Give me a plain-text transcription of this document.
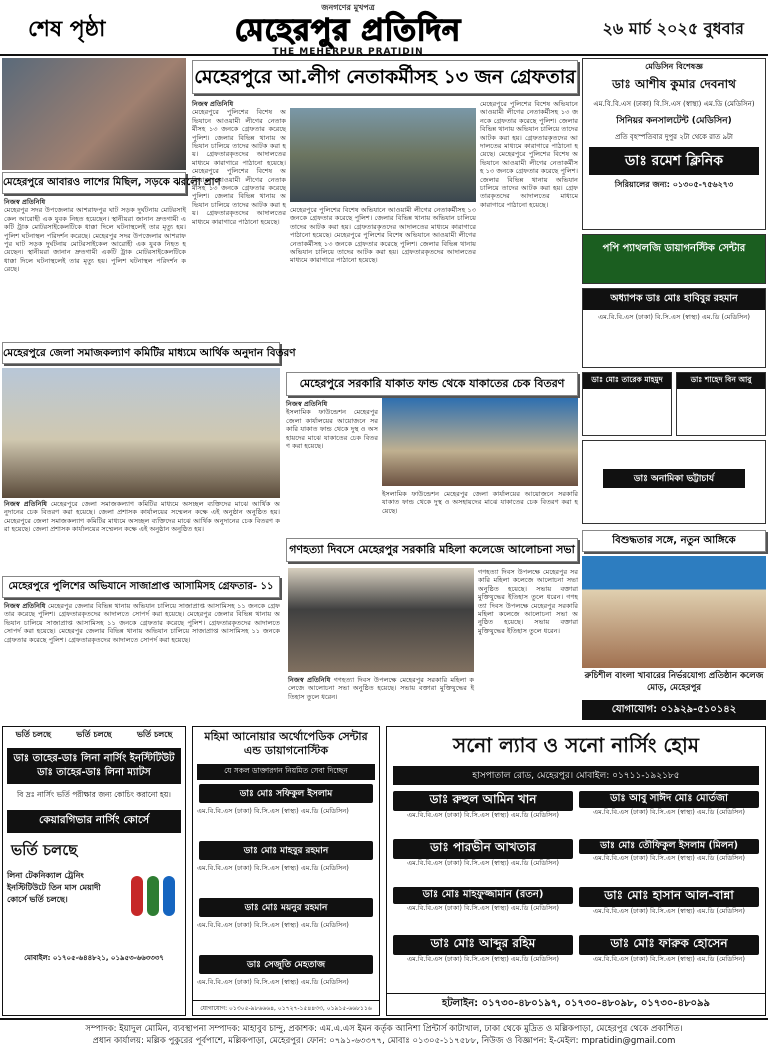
শেষ পৃষ্ঠা
জনগণের মুখপত্র
মেহেরপুর প্রতিদিন
THE MEHERPUR PRATIDIN
২৬ মার্চ ২০২৫ বুধবার
মেহেরপুরে আবারও লাশের মিছিল, সড়কে ঝরলো প্রাণ
নিজস্ব প্রতিনিধি
মেহেরপুর সদর উপজেলার আশরাফপুর ঘাট সড়ক দুর্ঘটনায় মোটরসাইকেল আরোহী এক যুবক নিহত হয়েছেন। স্থানীয়রা জানান দ্রুতগামী একটি ট্রাক মোটরসাইকেলটিকে ধাক্কা দিলে ঘটনাস্থলেই তার মৃত্যু হয়। পুলিশ ঘটনাস্থল পরিদর্শন করেছে। মেহেরপুর সদর উপজেলার আশরাফপুর ঘাট সড়ক দুর্ঘটনায় মোটরসাইকেল আরোহী এক যুবক নিহত হয়েছেন। স্থানীয়রা জানান দ্রুতগামী একটি ট্রাক মোটরসাইকেলটিকে ধাক্কা দিলে ঘটনাস্থলেই তার মৃত্যু হয়। পুলিশ ঘটনাস্থল পরিদর্শন করেছে।
মেহেরপুরে আ.লীগ নেতাকর্মীসহ ১৩ জন গ্রেফতার
নিজস্ব প্রতিনিধি
মেহেরপুরে পুলিশের বিশেষ অভিযানে আওয়ামী লীগের নেতাকর্মীসহ ১৩ জনকে গ্রেফতার করেছে পুলিশ। জেলার বিভিন্ন থানায় অভিযান চালিয়ে তাদের আটক করা হয়। গ্রেফতারকৃতদের আদালতের মাধ্যমে কারাগারে পাঠানো হয়েছে। মেহেরপুরে পুলিশের বিশেষ অভিযানে আওয়ামী লীগের নেতাকর্মীসহ ১৩ জনকে গ্রেফতার করেছে পুলিশ। জেলার বিভিন্ন থানায় অভিযান চালিয়ে তাদের আটক করা হয়। গ্রেফতারকৃতদের আদালতের মাধ্যমে কারাগারে পাঠানো হয়েছে।
মেহেরপুরে পুলিশের বিশেষ অভিযানে আওয়ামী লীগের নেতাকর্মীসহ ১৩ জনকে গ্রেফতার করেছে পুলিশ। জেলার বিভিন্ন থানায় অভিযান চালিয়ে তাদের আটক করা হয়। গ্রেফতারকৃতদের আদালতের মাধ্যমে কারাগারে পাঠানো হয়েছে। মেহেরপুরে পুলিশের বিশেষ অভিযানে আওয়ামী লীগের নেতাকর্মীসহ ১৩ জনকে গ্রেফতার করেছে পুলিশ। জেলার বিভিন্ন থানায় অভিযান চালিয়ে তাদের আটক করা হয়। গ্রেফতারকৃতদের আদালতের মাধ্যমে কারাগারে পাঠানো হয়েছে।
মেহেরপুরে পুলিশের বিশেষ অভিযানে আওয়ামী লীগের নেতাকর্মীসহ ১৩ জনকে গ্রেফতার করেছে পুলিশ। জেলার বিভিন্ন থানায় অভিযান চালিয়ে তাদের আটক করা হয়। গ্রেফতারকৃতদের আদালতের মাধ্যমে কারাগারে পাঠানো হয়েছে। মেহেরপুরে পুলিশের বিশেষ অভিযানে আওয়ামী লীগের নেতাকর্মীসহ ১৩ জনকে গ্রেফতার করেছে পুলিশ। জেলার বিভিন্ন থানায় অভিযান চালিয়ে তাদের আটক করা হয়। গ্রেফতারকৃতদের আদালতের মাধ্যমে কারাগারে পাঠানো হয়েছে।
মেহেরপুরে জেলা সমাজকল্যাণ কমিটির মাধ্যমে আর্থিক অনুদান বিতরণ
নিজস্ব প্রতিনিধি মেহেরপুরে জেলা সমাজকল্যাণ কমিটির মাধ্যমে অসচ্ছল ব্যক্তিদের মাঝে আর্থিক অনুদানের চেক বিতরণ করা হয়েছে। জেলা প্রশাসক কার্যালয়ের সম্মেলন কক্ষে এই অনুষ্ঠান অনুষ্ঠিত হয়। মেহেরপুরে জেলা সমাজকল্যাণ কমিটির মাধ্যমে অসচ্ছল ব্যক্তিদের মাঝে আর্থিক অনুদানের চেক বিতরণ করা হয়েছে। জেলা প্রশাসক কার্যালয়ের সম্মেলন কক্ষে এই অনুষ্ঠান অনুষ্ঠিত হয়।
মেহেরপুরে সরকারি যাকাত ফান্ড থেকে যাকাতের চেক বিতরণ
নিজস্ব প্রতিনিধি
ইসলামিক ফাউন্ডেশন মেহেরপুর জেলা কার্যালয়ের আয়োজনে সরকারি যাকাত ফান্ড থেকে দুস্থ ও অসহায়দের মাঝে যাকাতের চেক বিতরণ করা হয়েছে।
ইসলামিক ফাউন্ডেশন মেহেরপুর জেলা কার্যালয়ের আয়োজনে সরকারি যাকাত ফান্ড থেকে দুস্থ ও অসহায়দের মাঝে যাকাতের চেক বিতরণ করা হয়েছে।
গণহত্যা দিবসে মেহেরপুর সরকারি মহিলা কলেজে আলোচনা সভা
গণহত্যা দিবস উপলক্ষে মেহেরপুর সরকারি মহিলা কলেজে আলোচনা সভা অনুষ্ঠিত হয়েছে। সভায় বক্তারা মুক্তিযুদ্ধের ইতিহাস তুলে ধরেন। গণহত্যা দিবস উপলক্ষে মেহেরপুর সরকারি মহিলা কলেজে আলোচনা সভা অনুষ্ঠিত হয়েছে। সভায় বক্তারা মুক্তিযুদ্ধের ইতিহাস তুলে ধরেন।
নিজস্ব প্রতিনিধি গণহত্যা দিবস উপলক্ষে মেহেরপুর সরকারি মহিলা কলেজে আলোচনা সভা অনুষ্ঠিত হয়েছে। সভায় বক্তারা মুক্তিযুদ্ধের ইতিহাস তুলে ধরেন।
মেহেরপুরে পুলিশের অভিযানে সাজাপ্রাপ্ত আসামিসহ গ্রেফতার- ১১
নিজস্ব প্রতিনিধি মেহেরপুর জেলার বিভিন্ন থানায় অভিযান চালিয়ে সাজাপ্রাপ্ত আসামিসহ ১১ জনকে গ্রেফতার করেছে পুলিশ। গ্রেফতারকৃতদের আদালতে সোপর্দ করা হয়েছে। মেহেরপুর জেলার বিভিন্ন থানায় অভিযান চালিয়ে সাজাপ্রাপ্ত আসামিসহ ১১ জনকে গ্রেফতার করেছে পুলিশ। গ্রেফতারকৃতদের আদালতে সোপর্দ করা হয়েছে। মেহেরপুর জেলার বিভিন্ন থানায় অভিযান চালিয়ে সাজাপ্রাপ্ত আসামিসহ ১১ জনকে গ্রেফতার করেছে পুলিশ। গ্রেফতারকৃতদের আদালতে সোপর্দ করা হয়েছে।
মেডিসিন বিশেষজ্ঞ
ডাঃ আশীষ কুমার দেবনাথ
এম.বি.বি.এস (ঢাকা) বি.সি.এস (স্বাস্থ্য) এম.ডি (মেডিসিন)
সিনিয়র কনসালটেন্ট (মেডিসিন)
প্রতি বৃহস্পতিবার দুপুর ২টা থেকে রাত ৯টা
ডাঃ রমেশ ক্লিনিক
সিরিয়ালের জন্য: ০১৩০৫-৭৫৬২৭৩
পপি প্যাথলজি ডায়াগনস্টিক সেন্টার
অধ্যাপক ডাঃ মোঃ হাবিবুর রহমান
এম.বি.বি.এস (ঢাকা) বি.সি.এস (স্বাস্থ্য) এম.ডি (মেডিসিন)
ডাঃ মোঃ তারেক মাহমুদ	ডাঃ শাহেদ বিন আবু
ডাঃ অনামিকা ভট্টাচার্য
বিশুদ্ধতার সঙ্গে, নতুন আঙ্গিকে
রুচিশীল বাংলা খাবারের নির্ভরযোগ্য প্রতিষ্ঠান কলেজ মোড়, মেহেরপুর
যোগাযোগ: ০১৯২৯-৫১০১৪২
ভর্তি চলছে	ভর্তি চলছে	ভর্তি চলছে
ডাঃ তাহের-ডাঃ লিনা নার্সিং ইনস্টিটিউট
ডাঃ তাহের-ডাঃ লিনা ম্যাটস
বি দ্রঃ নার্সিং ভর্তি পরীক্ষার জন্য কোচিং করানো হয়।
কেয়ারগিভার নার্সিং কোর্সে
ভর্তি চলছে
লিনা টেকনিক্যাল ট্রেনিং ইনস্টিটিউটে তিন মাস মেয়াদী কোর্সে ভর্তি চলছে।
মোবাইল: ০১৭০৫-৬৪৪৮২১, ০১৯৫৩-৬৬৩৩৩৭
মহিমা আনোয়ার অর্থোপেডিক সেন্টার এন্ড ডায়াগনোস্টিক
যে সকল ডাক্তারগন নিয়মিত সেবা দিচ্ছেন
ডাঃ মোঃ সফিকুল ইসলাম
এম.বি.বি.এস (ঢাকা) বি.সি.এস (স্বাস্থ্য) এম.ডি (মেডিসিন)
ডাঃ মোঃ মাহবুর রহমান
এম.বি.বি.এস (ঢাকা) বি.সি.এস (স্বাস্থ্য) এম.ডি (মেডিসিন)
ডাঃ মোঃ ময়নুর রহমান
এম.বি.বি.এস (ঢাকা) বি.সি.এস (স্বাস্থ্য) এম.ডি (মেডিসিন)
ডাঃ সেজুতি মেহতাজ
এম.বি.বি.এস (ঢাকা) বি.সি.এস (স্বাস্থ্য) এম.ডি (মেডিসিন)
যোগাযোগ: ০১৩০৫-৯৮৬৬৬৪, ০১৭২৭-১৫৪৪৩৩, ০১৯১৫-৬৬৮১১৬
সনো ল্যাব ও সনো নার্সিং হোম
হাসপাতাল রোড, মেহেরপুর। মোবাইল: ০১৭১১-১৯২১৮৫
ডাঃ রুহুল আমিন খান
এম.বি.বি.এস (ঢাকা) বি.সি.এস (স্বাস্থ্য) এম.ডি (মেডিসিন)
ডাঃ আবু সাঈদ মোঃ মোর্তজা
এম.বি.বি.এস (ঢাকা) বি.সি.এস (স্বাস্থ্য) এম.ডি (মেডিসিন)
ডাঃ পারভীন আখতার
এম.বি.বি.এস (ঢাকা) বি.সি.এস (স্বাস্থ্য) এম.ডি (মেডিসিন)
ডাঃ মোঃ তৌফিকুল ইসলাম (মিলন)
এম.বি.বি.এস (ঢাকা) বি.সি.এস (স্বাস্থ্য) এম.ডি (মেডিসিন)
ডাঃ মোঃ মাহফুজ্জামান (রতন)
এম.বি.বি.এস (ঢাকা) বি.সি.এস (স্বাস্থ্য) এম.ডি (মেডিসিন)
ডাঃ মোঃ হাসান আল-বান্না
এম.বি.বি.এস (ঢাকা) বি.সি.এস (স্বাস্থ্য) এম.ডি (মেডিসিন)
ডাঃ মোঃ আব্দুর রহিম
এম.বি.বি.এস (ঢাকা) বি.সি.এস (স্বাস্থ্য) এম.ডি (মেডিসিন)
ডাঃ মোঃ ফারুক হোসেন
এম.বি.বি.এস (ঢাকা) বি.সি.এস (স্বাস্থ্য) এম.ডি (মেডিসিন)
হটলাইন: ০১৭৩০-৪৮০১৯৭, ০১৭৩০-৪৮০৯৮, ০১৭৩০-৪৮০৯৯
সম্পাদক: ইয়াদুল মোমিন, ব্যবস্থাপনা সম্পাদক: মাহাবুব চান্দু, প্রকাশক: এম.এ.এস ইমন কর্তৃক আনিশা প্রিন্টার্স কাটাখাল, ঢাকা থেকে মুদ্রিত ও মল্লিকপাড়া, মেহেরপুর থেকে প্রকাশিত।
প্রধান কার্যালয়: মল্লিক পুকুরের পূর্বপাশে, মল্লিকপাড়া, মেহেরপুর। ফোন: ০৭৯১-৬৩৩৭৭, মোবাঃ ০১৩০৫-১১৭৫৮৮, নিউজ ও বিজ্ঞাপন: ই-মেইল: mpratidin@gmail.com
